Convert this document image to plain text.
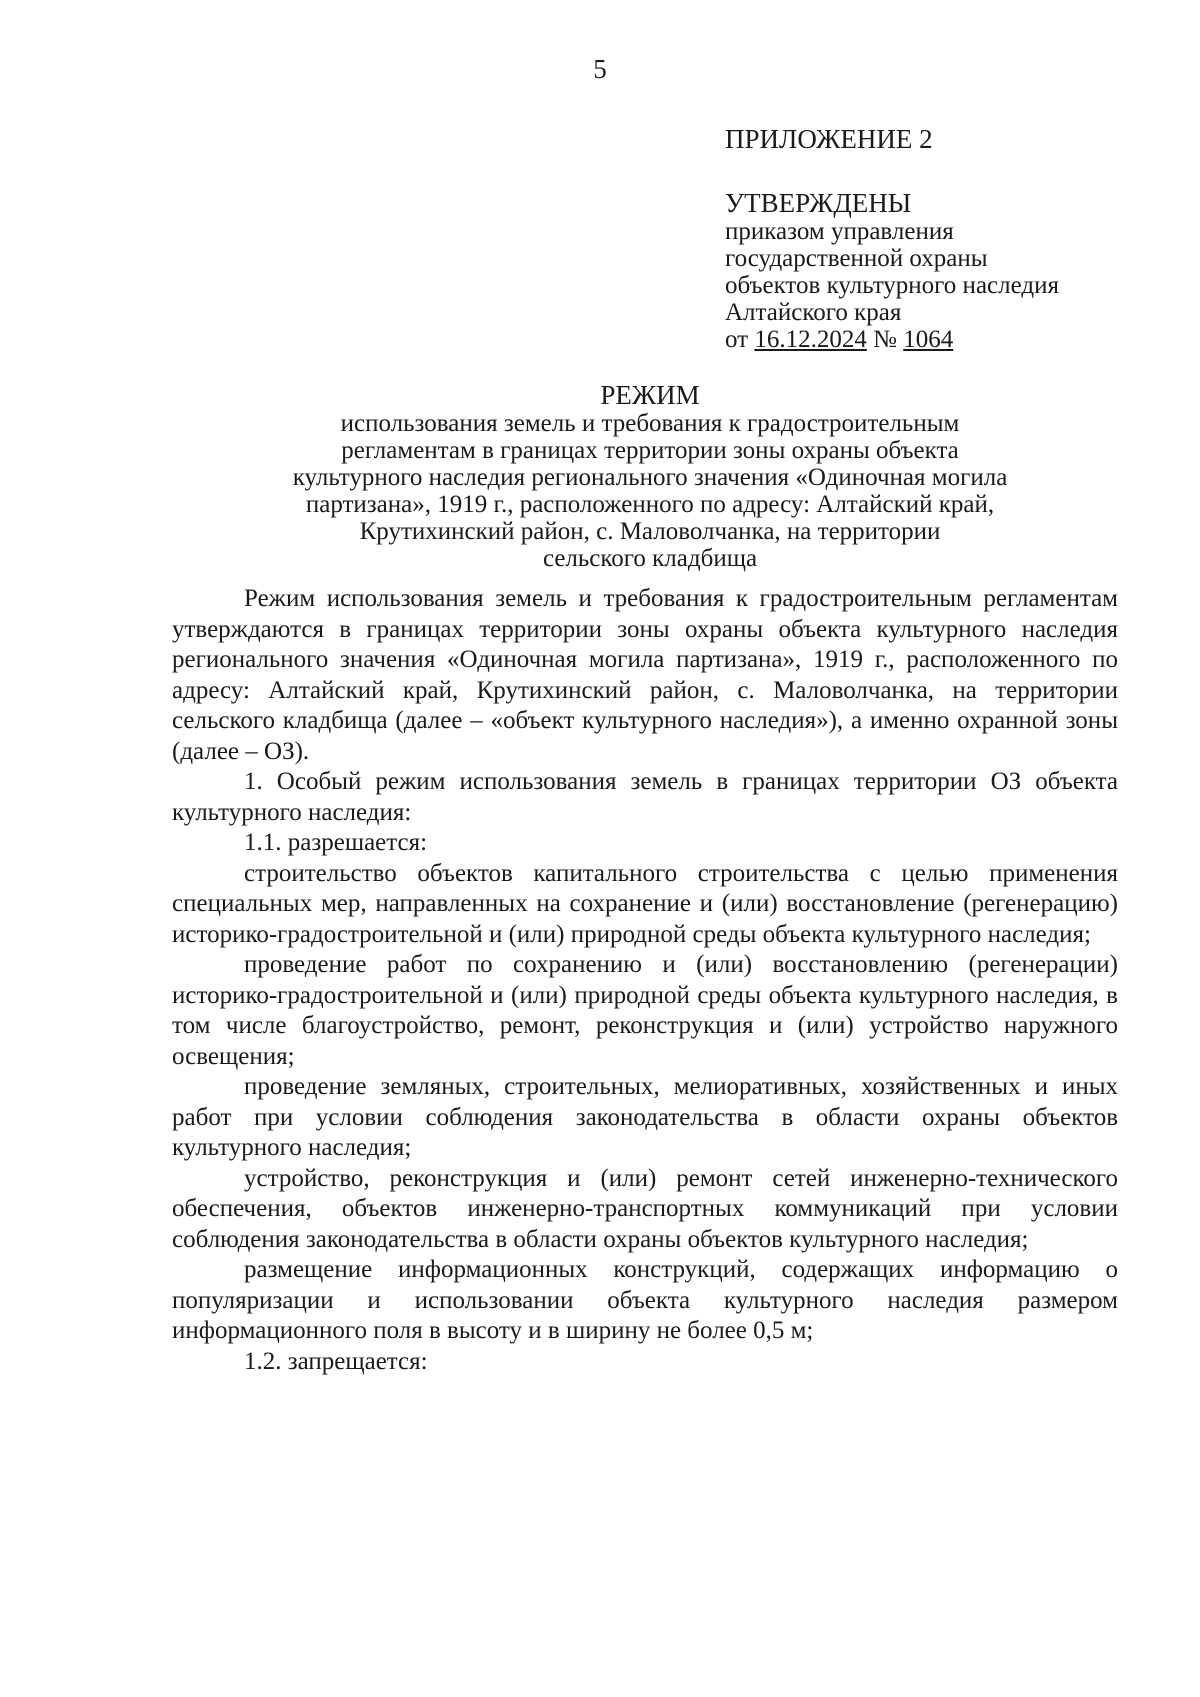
5
ПРИЛОЖЕНИЕ 2
УТВЕРЖДЕНЫ
приказом управления
государственной охраны
объектов культурного наследия
Алтайского края
от 16.12.2024 № 1064
РЕЖИМ
использования земель и требования к градостроительным
регламентам в границах территории зоны охраны объекта
культурного наследия регионального значения «Одиночная могила
партизана», 1919 г., расположенного по адресу: Алтайский край,
Крутихинский район, с. Маловолчанка, на территории
сельского кладбища

Режим использования земель и требования к градостроительным регламентам утверждаются в границах территории зоны охраны объекта культурного наследия регионального значения «Одиночная могила партизана», 1919 г., расположенного по адресу: Алтайский край, Крутихинский район, с. Маловолчанка, на территории сельского кладбища (далее – «объект культурного наследия»), а именно охранной зоны (далее – ОЗ).

1. Особый режим использования земель в границах территории ОЗ объекта культурного наследия:

1.1. разрешается:

строительство объектов капитального строительства с целью применения специальных мер, направленных на сохранение и (или) восстановление (регенерацию) историко-градостроительной и (или) природной среды объекта культурного наследия;

проведение работ по сохранению и (или) восстановлению (регенерации) историко-градостроительной и (или) природной среды объекта культурного наследия, в том числе благоустройство, ремонт, реконструкция и (или) устройство наружного освещения;

проведение земляных, строительных, мелиоративных, хозяйственных и иных работ при условии соблюдения законодательства в области охраны объектов культурного наследия;

устройство, реконструкция и (или) ремонт сетей инженерно-технического обеспечения, объектов инженерно-транспортных коммуникаций при условии соблюдения законодательства в области охраны объектов культурного наследия;

размещение информационных конструкций, содержащих информацию о популяризации и использовании объекта культурного наследия размером информационного поля в высоту и в ширину не более 0,5 м;

1.2. запрещается:
